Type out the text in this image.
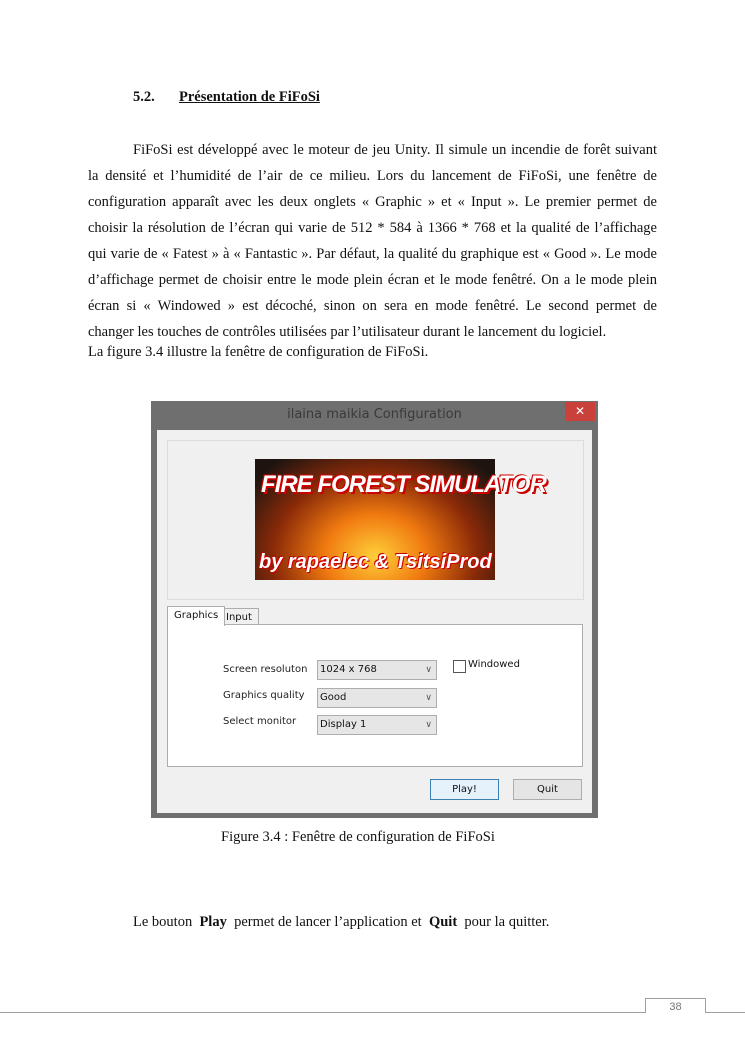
5.2. Présentation de FiFoSi
FiFoSi est développé avec le moteur de jeu Unity. Il simule un incendie de forêt suivant
la densité et l’humidité de l’air de ce milieu. Lors du lancement de FiFoSi, une fenêtre de
configuration apparaît avec les deux onglets « Graphic » et « Input ». Le premier permet de
choisir la résolution de l’écran qui varie de 512 * 584 à 1366 * 768 et la qualité de l’affichage
qui varie de « Fatest » à « Fantastic ». Par défaut, la qualité du graphique est « Good ». Le mode
d’affichage permet de choisir entre le mode plein écran et le mode fenêtré. On a le mode plein
écran si « Windowed » est décoché, sinon on sera en mode fenêtré. Le second permet de
changer les touches de contrôles utilisées par l’utilisateur durant le lancement du logiciel.
La figure 3.4 illustre la fenêtre de configuration de FiFoSi.
ilaina maikia Configuration	✕
FIRE FOREST SIMULATOR
by rapaelec & TsitsiProd
Graphics Input
Screen resoluton	1024 x 768	∨
Graphics quality	Good	∨
Select monitor	Display 1	∨
Windowed
Play!	Quit
Figure 3.4 : Fenêtre de configuration de FiFoSi
Le bouton  Play  permet de lancer l’application et  Quit  pour la quitter.
38
